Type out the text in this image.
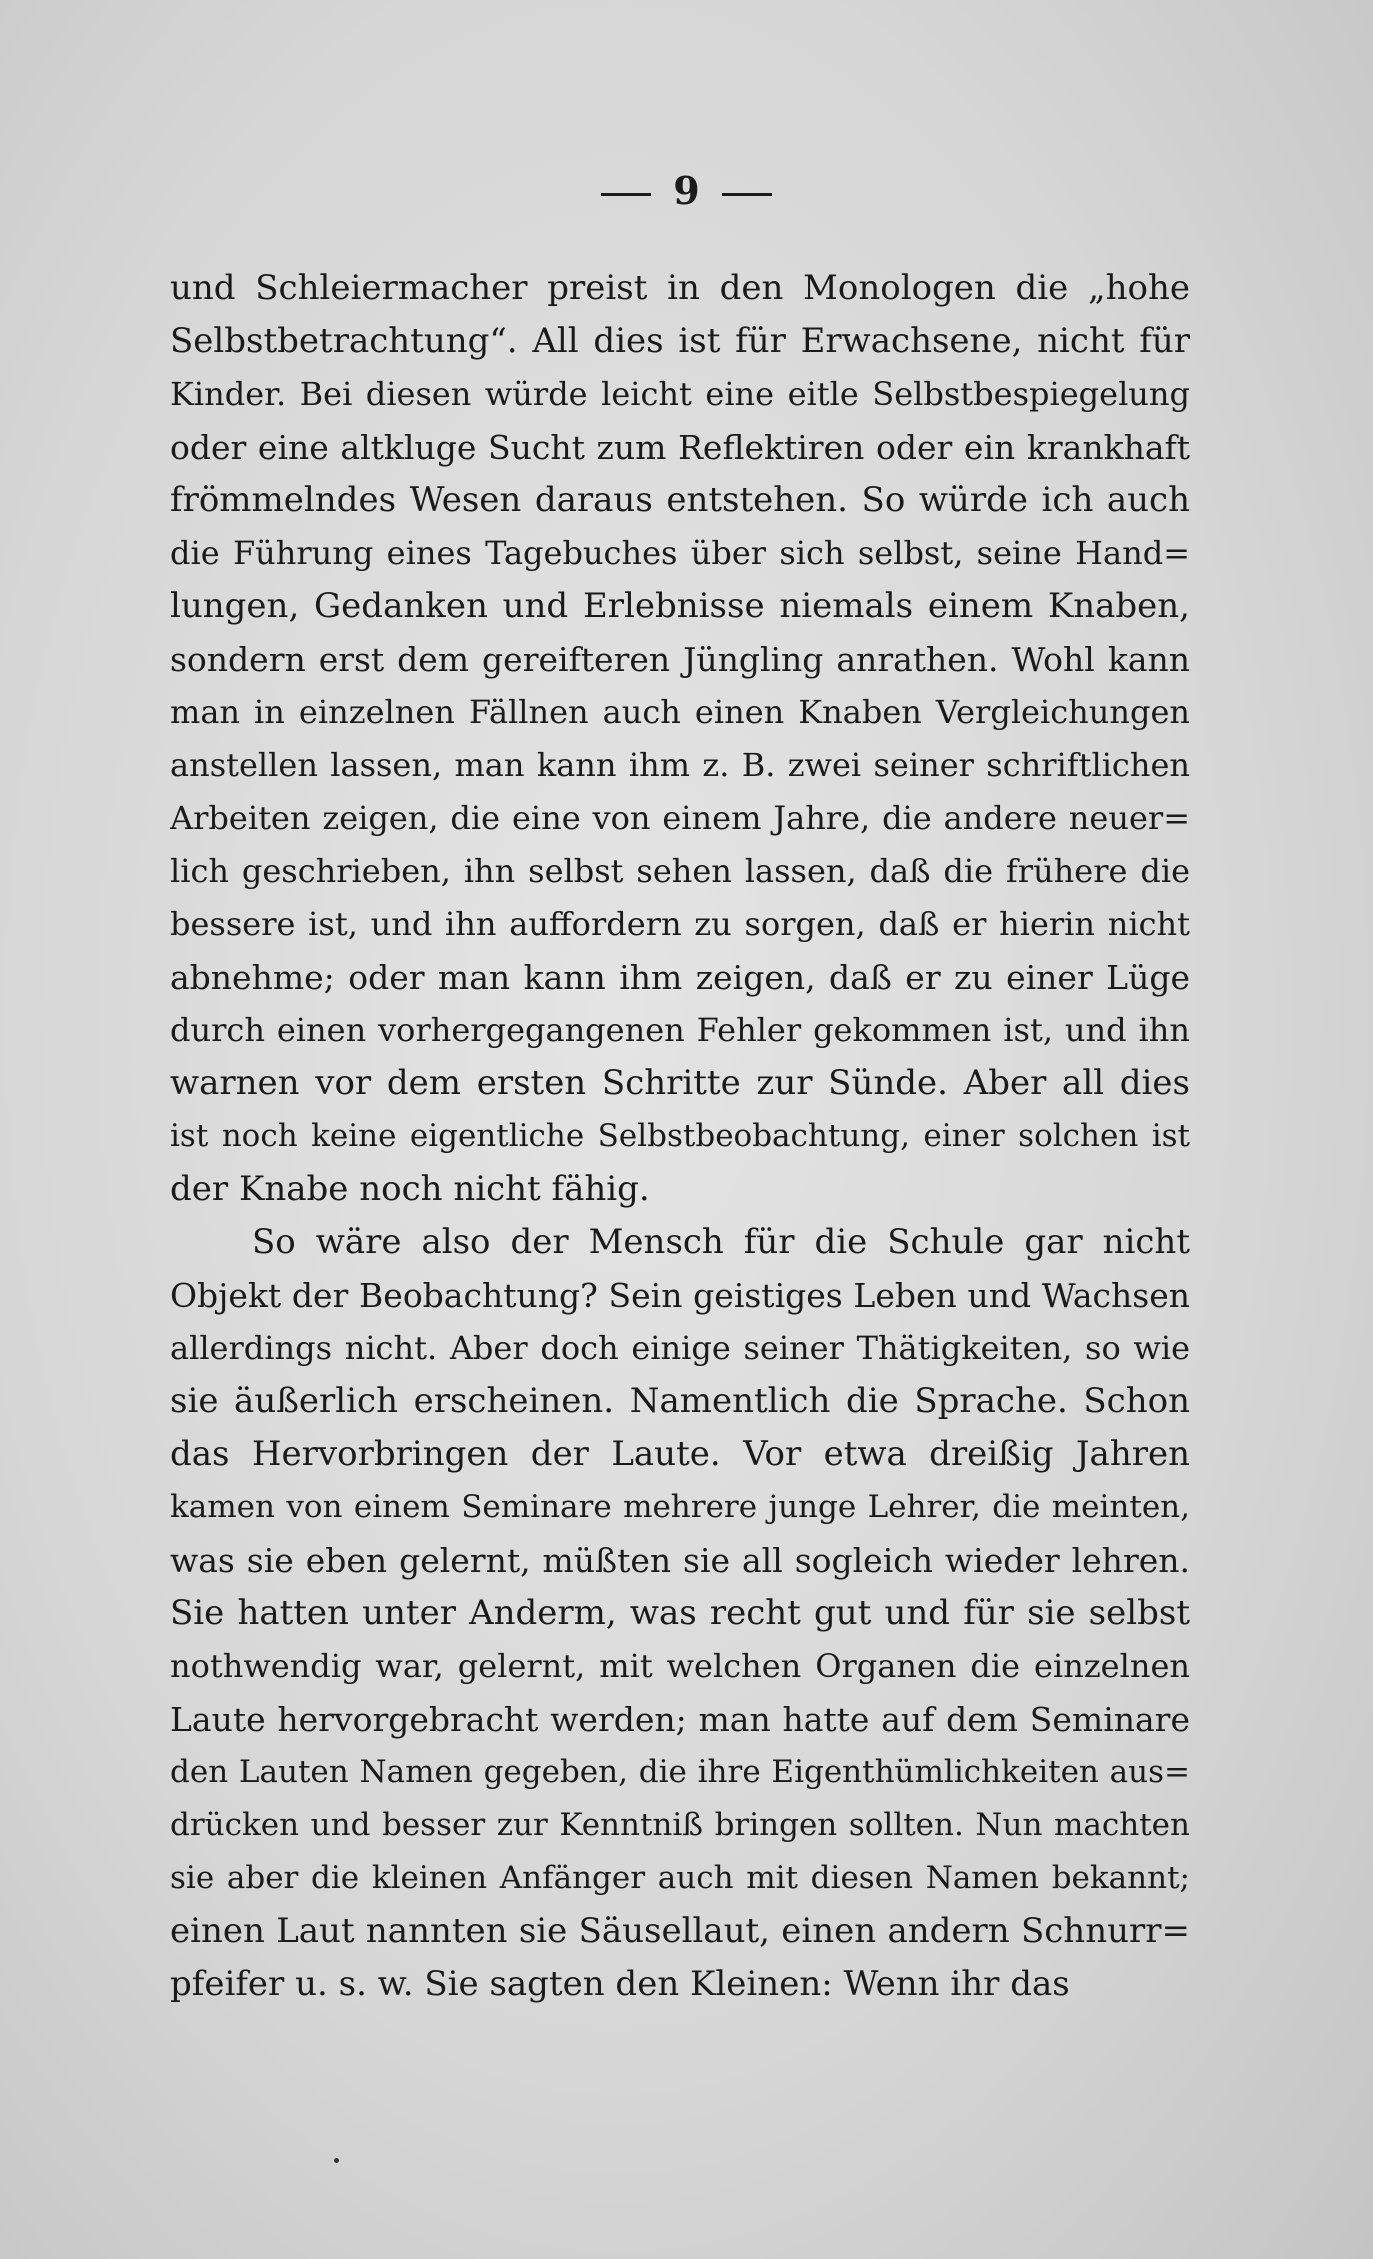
9
und Schleiermacher preist in den Monologen die „hohe
Selbstbetrachtung“. All dies ist für Erwachsene, nicht für
Kinder. Bei diesen würde leicht eine eitle Selbstbespiegelung
oder eine altkluge Sucht zum Reflektiren oder ein krankhaft
frömmelndes Wesen daraus entstehen. So würde ich auch
die Führung eines Tagebuches über sich selbst, seine Hand=
lungen, Gedanken und Erlebnisse niemals einem Knaben,
sondern erst dem gereifteren Jüngling anrathen. Wohl kann
man in einzelnen Fällnen auch einen Knaben Vergleichungen
anstellen lassen, man kann ihm z. B. zwei seiner schriftlichen
Arbeiten zeigen, die eine von einem Jahre, die andere neuer=
lich geschrieben, ihn selbst sehen lassen, daß die frühere die
bessere ist, und ihn auffordern zu sorgen, daß er hierin nicht
abnehme; oder man kann ihm zeigen, daß er zu einer Lüge
durch einen vorhergegangenen Fehler gekommen ist, und ihn
warnen vor dem ersten Schritte zur Sünde. Aber all dies
ist noch keine eigentliche Selbstbeobachtung, einer solchen ist
der Knabe noch nicht fähig.
So wäre also der Mensch für die Schule gar nicht
Objekt der Beobachtung? Sein geistiges Leben und Wachsen
allerdings nicht. Aber doch einige seiner Thätigkeiten, so wie
sie äußerlich erscheinen. Namentlich die Sprache. Schon
das Hervorbringen der Laute. Vor etwa dreißig Jahren
kamen von einem Seminare mehrere junge Lehrer, die meinten,
was sie eben gelernt, müßten sie all sogleich wieder lehren.
Sie hatten unter Anderm, was recht gut und für sie selbst
nothwendig war, gelernt, mit welchen Organen die einzelnen
Laute hervorgebracht werden; man hatte auf dem Seminare
den Lauten Namen gegeben, die ihre Eigenthümlichkeiten aus=
drücken und besser zur Kenntniß bringen sollten. Nun machten
sie aber die kleinen Anfänger auch mit diesen Namen bekannt;
einen Laut nannten sie Säusellaut, einen andern Schnurr=
pfeifer u. s. w. Sie sagten den Kleinen: Wenn ihr das
